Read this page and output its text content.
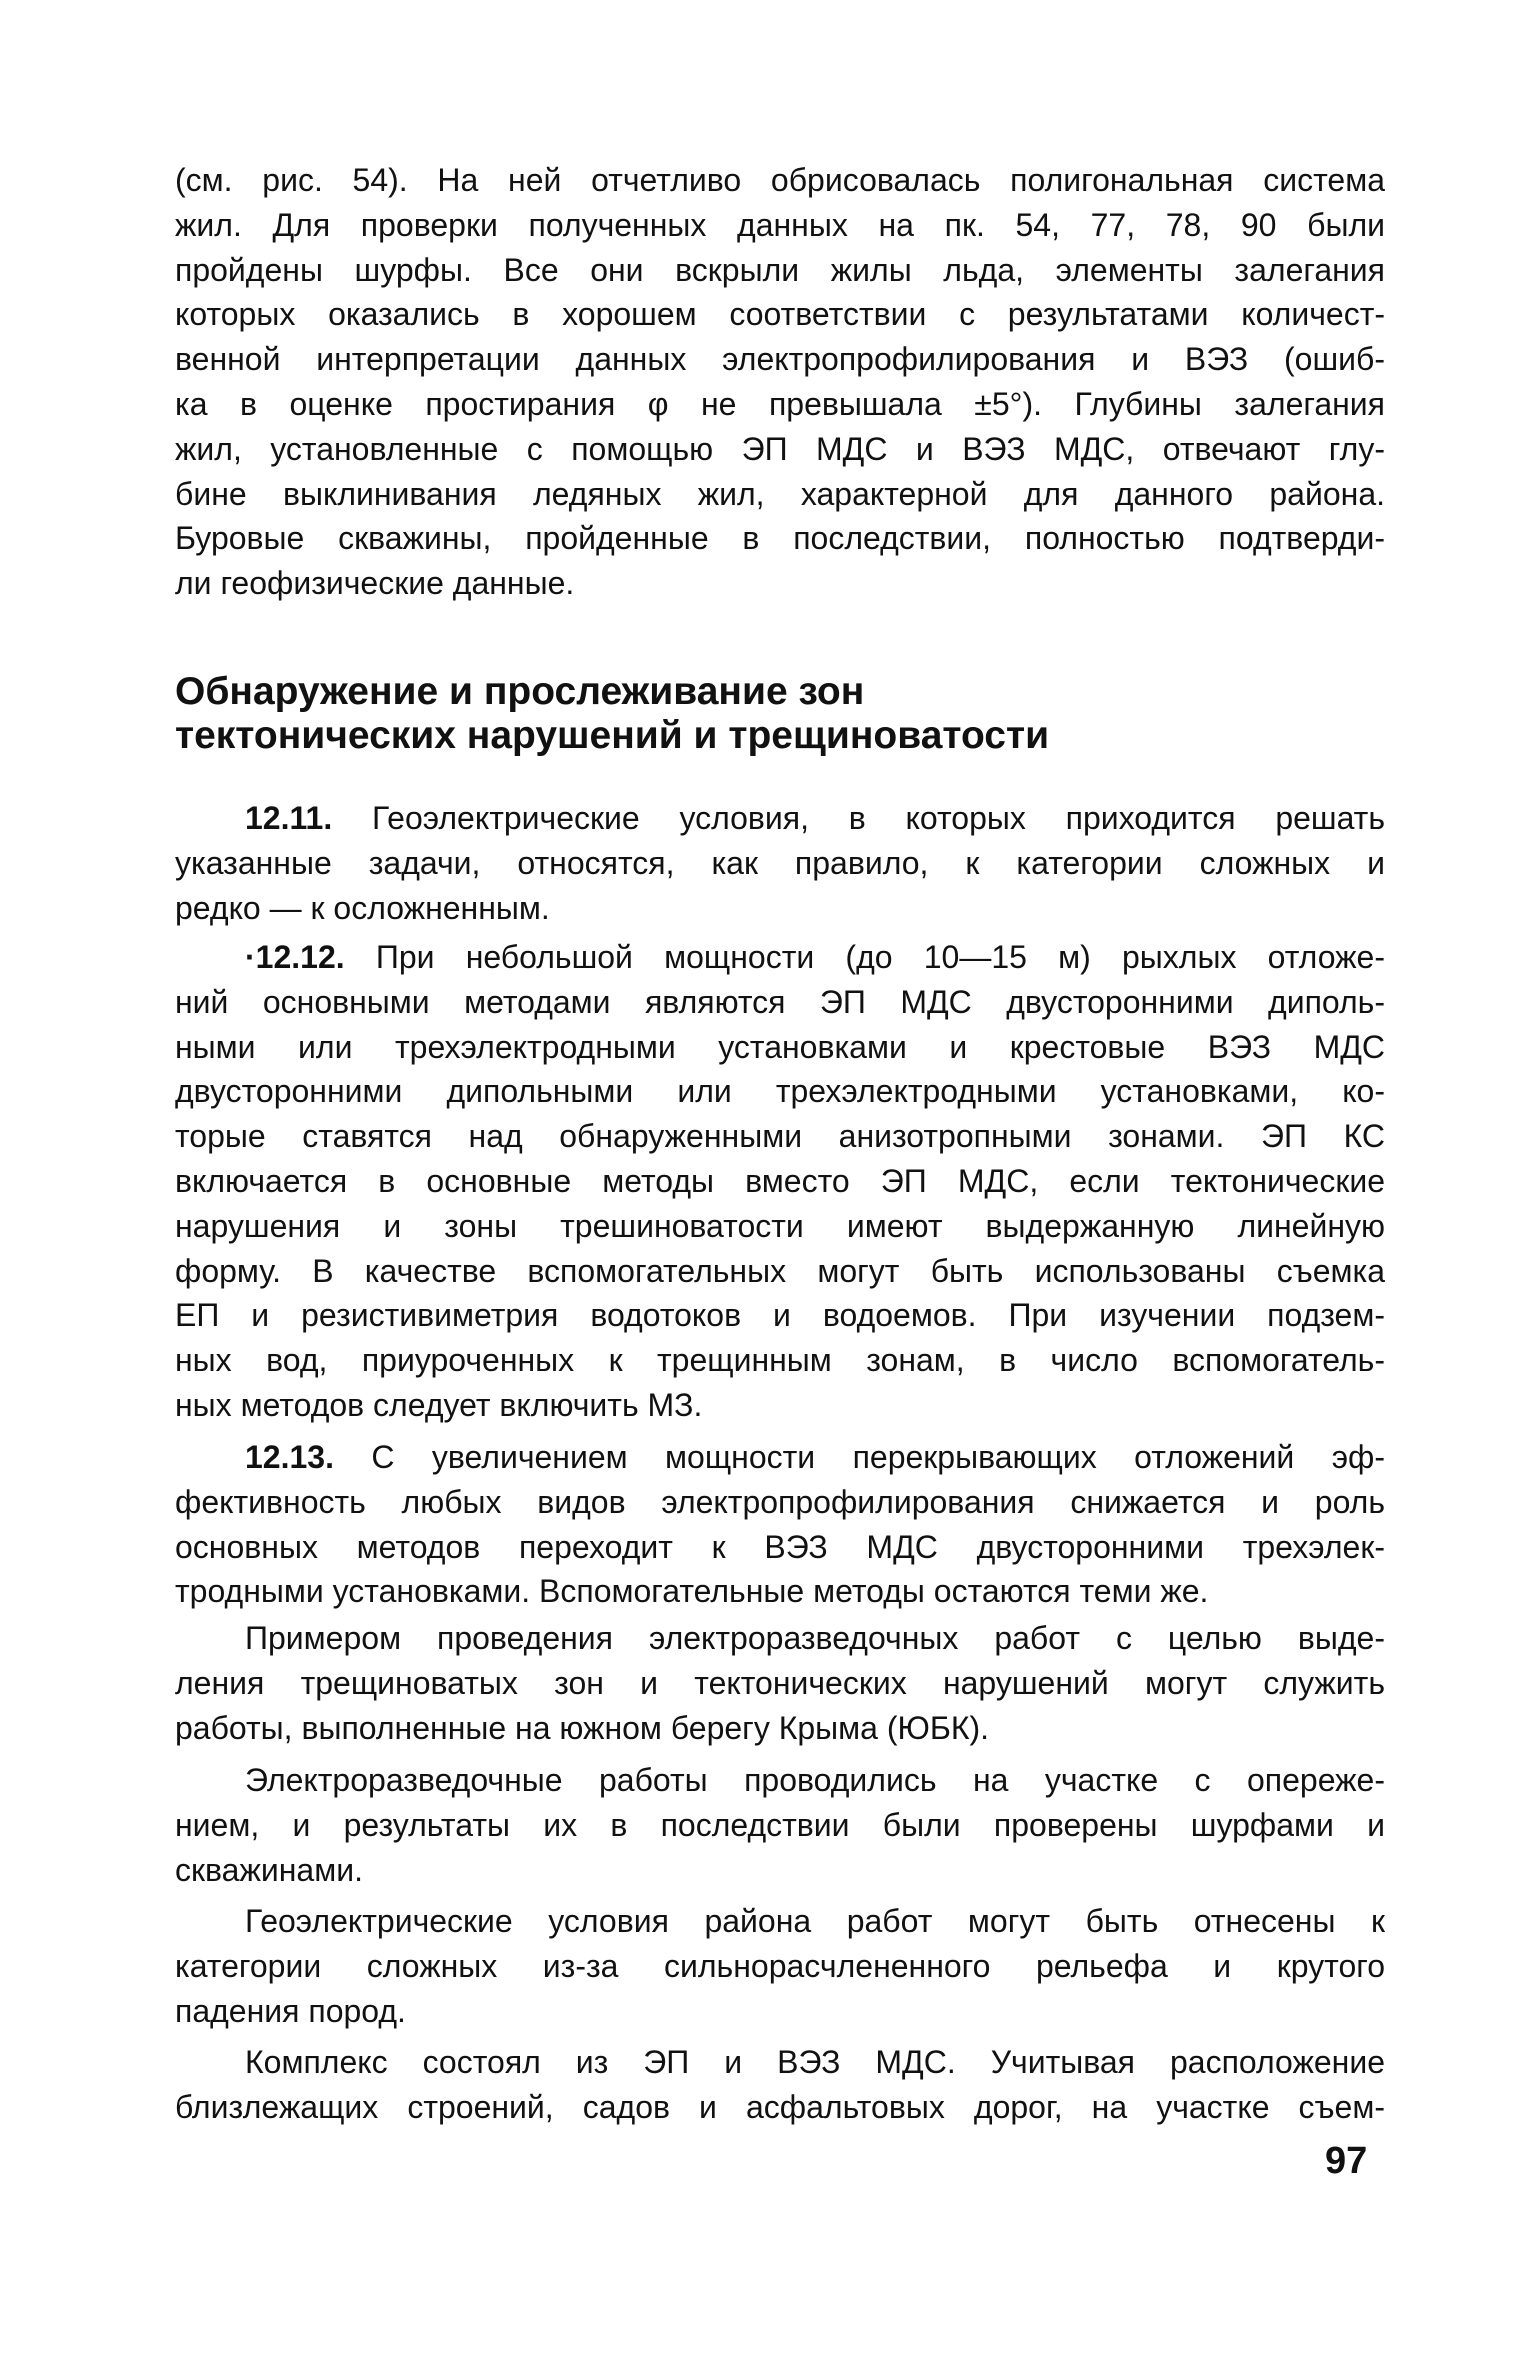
(см. рис. 54). На ней отчетливо обрисовалась полигональная система
жил. Для проверки полученных данных на пк. 54, 77, 78, 90 были
пройдены шурфы. Все они вскрыли жилы льда, элементы залегания
которых оказались в хорошем соответствии с результатами количест-
венной интерпретации данных электропрофилирования и ВЭЗ (ошиб-
ка в оценке простирания φ не превышала ±5°). Глубины залегания
жил, установленные с помощью ЭП МДС и ВЭЗ МДС, отвечают глу-
бине выклинивания ледяных жил, характерной для данного района.
Буровые скважины, пройденные в последствии, полностью подтверди-
ли геофизические данные.
Обнаружение и прослеживание зон
тектонических нарушений и трещиноватости
12.11. Геоэлектрические условия, в которых приходится решать
указанные задачи, относятся, как правило, к категории сложных и
редко — к осложненным.
·12.12. При небольшой мощности (до 10—15 м) рыхлых отложе-
ний основными методами являются ЭП МДС двусторонними диполь-
ными или трехэлектродными установками и крестовые ВЭЗ МДС
двусторонними дипольными или трехэлектродными установками, ко-
торые ставятся над обнаруженными анизотропными зонами. ЭП КС
включается в основные методы вместо ЭП МДС, если тектонические
нарушения и зоны трешиноватости имеют выдержанную линейную
форму. В качестве вспомогательных могут быть использованы съемка
ЕП и резистивиметрия водотоков и водоемов. При изучении подзем-
ных вод, приуроченных к трещинным зонам, в число вспомогатель-
ных методов следует включить МЗ.
12.13. С увеличением мощности перекрывающих отложений эф-
фективность любых видов электропрофилирования снижается и роль
основных методов переходит к ВЭЗ МДС двусторонними трехэлек-
тродными установками. Вспомогательные методы остаются теми же.
Примером проведения электроразведочных работ с целью выде-
ления трещиноватых зон и тектонических нарушений могут служить
работы, выполненные на южном берегу Крыма (ЮБК).
Электроразведочные работы проводились на участке с опереже-
нием, и результаты их в последствии были проверены шурфами и
скважинами.
Геоэлектрические условия района работ могут быть отнесены к
категории сложных из-за сильнорасчлененного рельефа и крутого
падения пород.
Комплекс состоял из ЭП и ВЭЗ МДС. Учитывая расположение
близлежащих строений, садов и асфальтовых дорог, на участке съем-
97
